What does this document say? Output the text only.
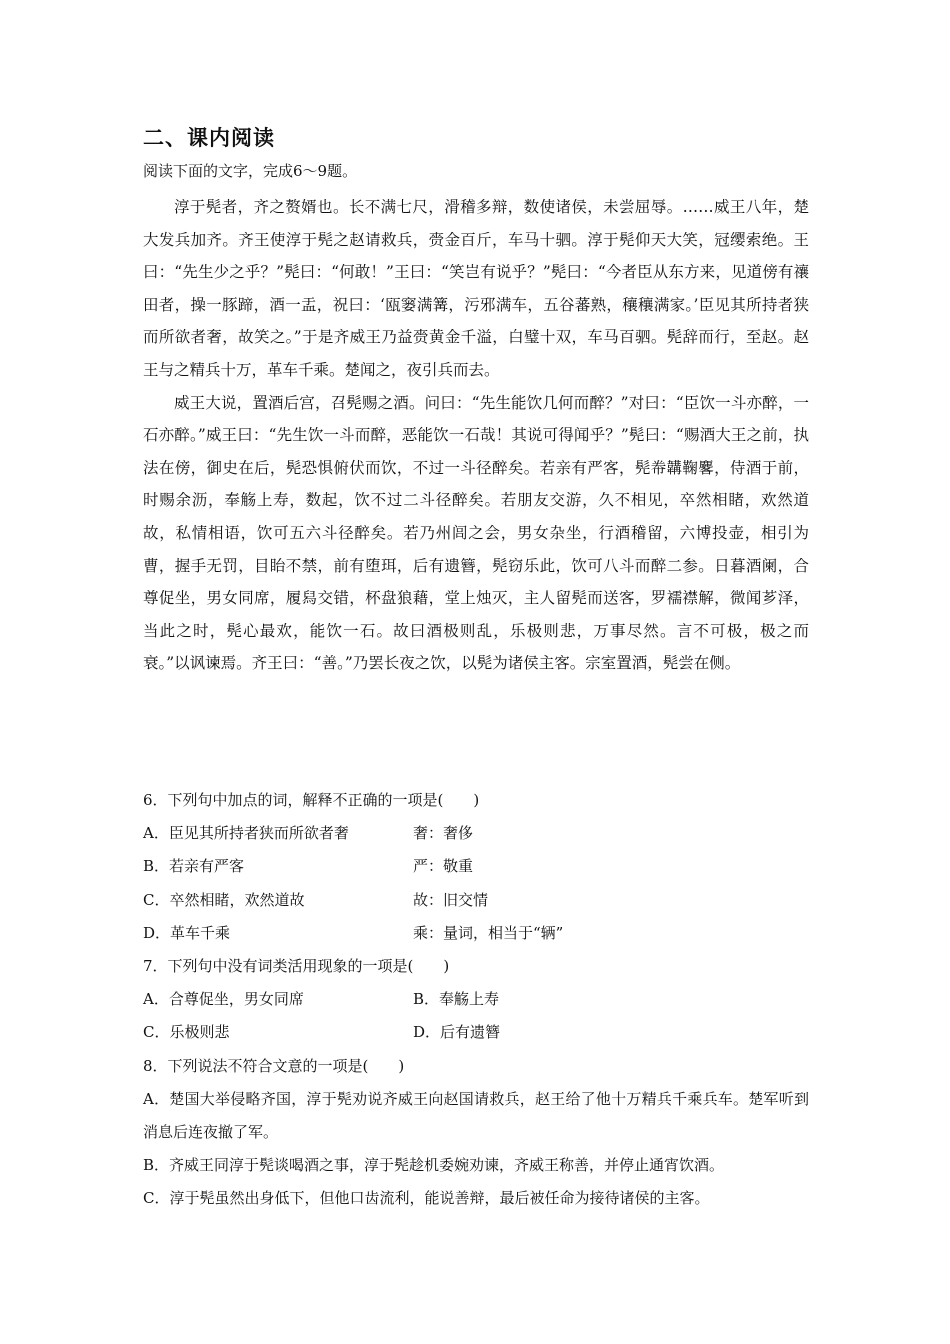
二、课内阅读
阅读下面的文字，完成6～9题。

淳于髡者，齐之赘婿也。长不满七尺，滑稽多辩，数使诸侯，未尝屈辱。……威王八年，楚大发兵加齐。齐王使淳于髡之赵请救兵，赍金百斤，车马十驷。淳于髡仰天大笑，冠缨索绝。王曰：“先生少之乎？”髡曰：“何敢！”王曰：“笑岂有说乎？”髡曰：“今者臣从东方来，见道傍有禳田者，操一豚蹄，酒一盂，祝曰：‘瓯窭满篝，污邪满车，五谷蕃熟，穰穰满家。’臣见其所持者狭而所欲者奢，故笑之。”于是齐威王乃益赍黄金千溢，白璧十双，车马百驷。髡辞而行，至赵。赵王与之精兵十万，革车千乘。楚闻之，夜引兵而去。

威王大说，置酒后宫，召髡赐之酒。问曰：“先生能饮几何而醉？”对曰：“臣饮一斗亦醉，一石亦醉。”威王曰：“先生饮一斗而醉，恶能饮一石哉！其说可得闻乎？”髡曰：“赐酒大王之前，执法在傍，御史在后，髡恐惧俯伏而饮，不过一斗径醉矣。若亲有严客，髡帣韝鞠𪊲，侍酒于前，时赐余沥，奉觞上寿，数起，饮不过二斗径醉矣。若朋友交游，久不相见，卒然相睹，欢然道故，私情相语，饮可五六斗径醉矣。若乃州闾之会，男女杂坐，行酒稽留，六博投壶，相引为曹，握手无罚，目眙不禁，前有堕珥，后有遗簪，髡窃乐此，饮可八斗而醉二参。日暮酒阑，合尊促坐，男女同席，履舄交错，杯盘狼藉，堂上烛灭，主人留髡而送客，罗襦襟解，微闻芗泽，当此之时，髡心最欢，能饮一石。故曰酒极则乱，乐极则悲，万事尽然。言不可极，极之而衰。”以讽谏焉。齐王曰：“善。”乃罢长夜之饮，以髡为诸侯主客。宗室置酒，髡尝在侧。

6．下列句中加点的词，解释不正确的一项是(　　)

A．臣见其所持者狭而所欲者奢	奢：奢侈
B．若亲有严客	严：敬重
C．卒然相睹，欢然道故	故：旧交情
D．革车千乘	乘：量词，相当于“辆”

7．下列句中没有词类活用现象的一项是(　　)

A．合尊促坐，男女同席	B．奉觞上寿
C．乐极则悲	D．后有遗簪

8．下列说法不符合文意的一项是(　　)

A．楚国大举侵略齐国，淳于髡劝说齐威王向赵国请救兵，赵王给了他十万精兵千乘兵车。楚军听到消息后连夜撤了军。

B．齐威王同淳于髡谈喝酒之事，淳于髡趁机委婉劝谏，齐威王称善，并停止通宵饮酒。

C．淳于髡虽然出身低下，但他口齿流利，能说善辩，最后被任命为接待诸侯的主客。
